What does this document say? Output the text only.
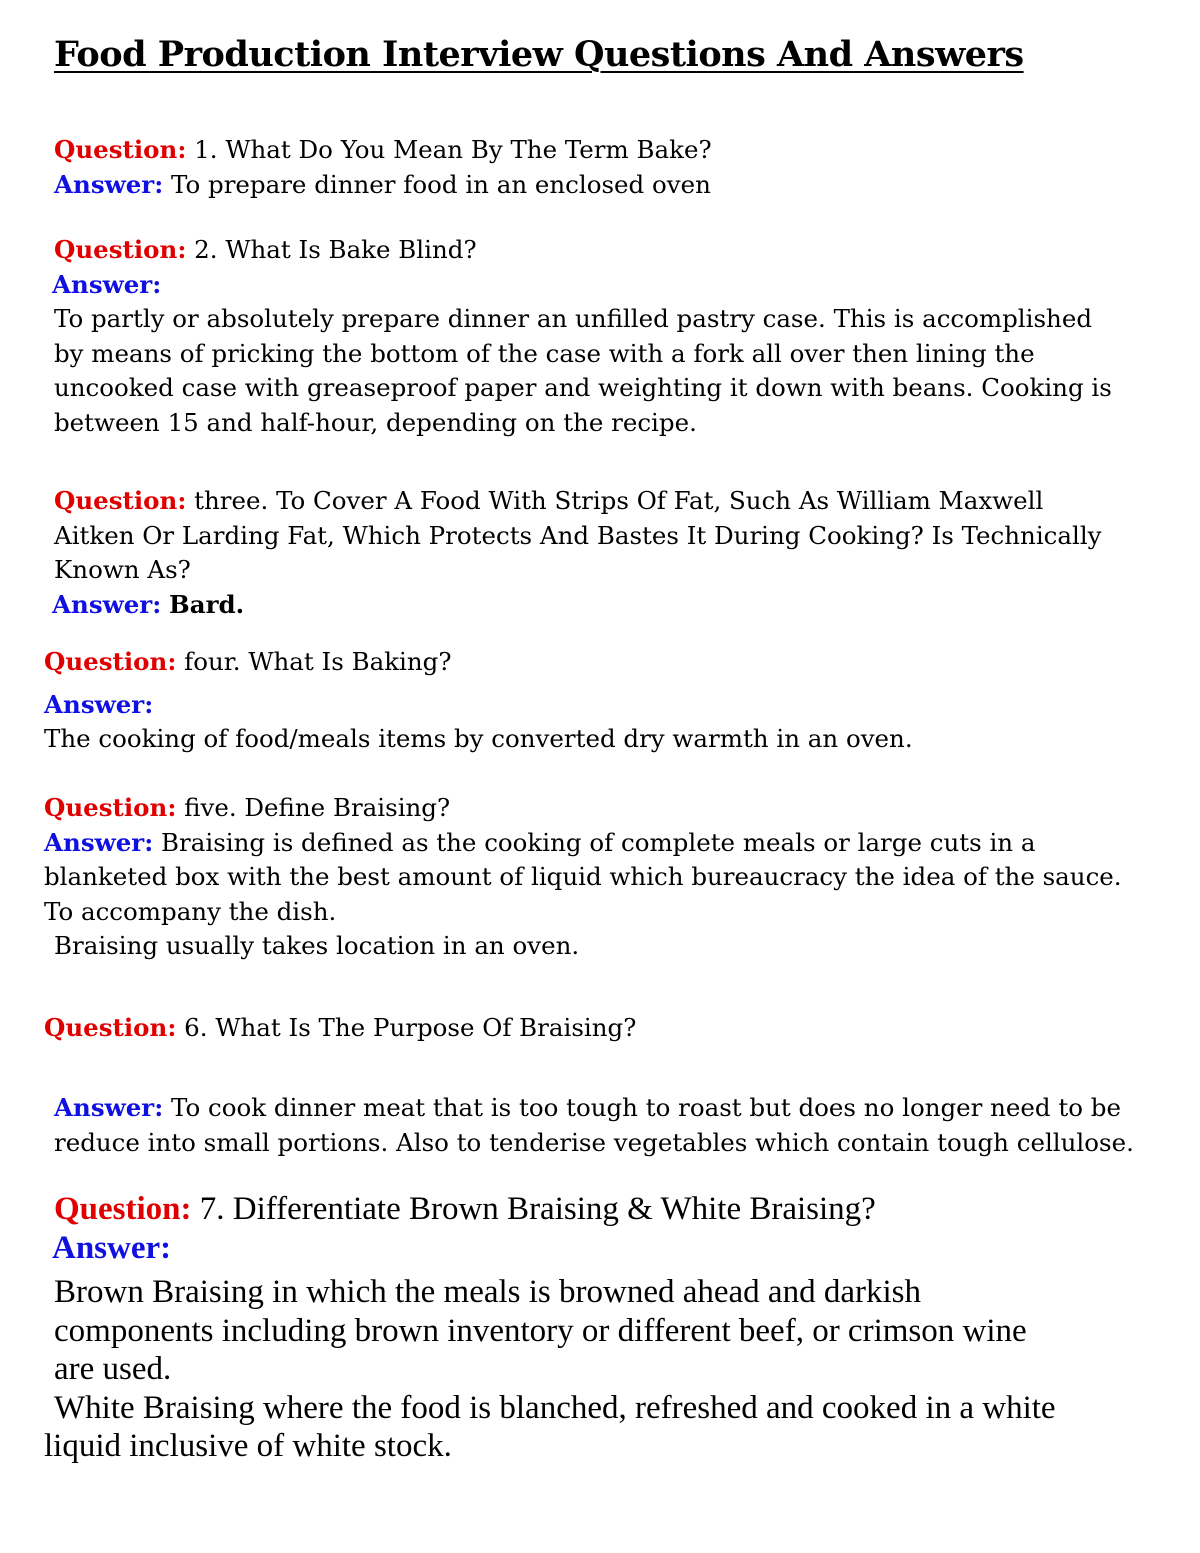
Food Production Interview Questions And Answers
Question: 1. What Do You Mean By The Term Bake?
Answer: To prepare dinner food in an enclosed oven
Question: 2. What Is Bake Blind?
Answer:
To partly or absolutely prepare dinner an unfilled pastry case. This is accomplished
by means of pricking the bottom of the case with a fork all over then lining the
uncooked case with greaseproof paper and weighting it down with beans. Cooking is
between 15 and half-hour, depending on the recipe.
Question: three. To Cover A Food With Strips Of Fat, Such As William Maxwell
Aitken Or Larding Fat, Which Protects And Bastes It During Cooking? Is Technically
Known As?
Answer: Bard.
Question: four. What Is Baking?
Answer:
The cooking of food/meals items by converted dry warmth in an oven.
Question: five. Define Braising?
Answer: Braising is defined as the cooking of complete meals or large cuts in a
blanketed box with the best amount of liquid which bureaucracy the idea of the sauce.
To accompany the dish.
Braising usually takes location in an oven.
Question: 6. What Is The Purpose Of Braising?
Answer: To cook dinner meat that is too tough to roast but does no longer need to be
reduce into small portions. Also to tenderise vegetables which contain tough cellulose.
Question: 7. Differentiate Brown Braising & White Braising?
Answer:
Brown Braising in which the meals is browned ahead and darkish
components including brown inventory or different beef, or crimson wine
are used.
White Braising where the food is blanched, refreshed and cooked in a white
liquid inclusive of white stock.
